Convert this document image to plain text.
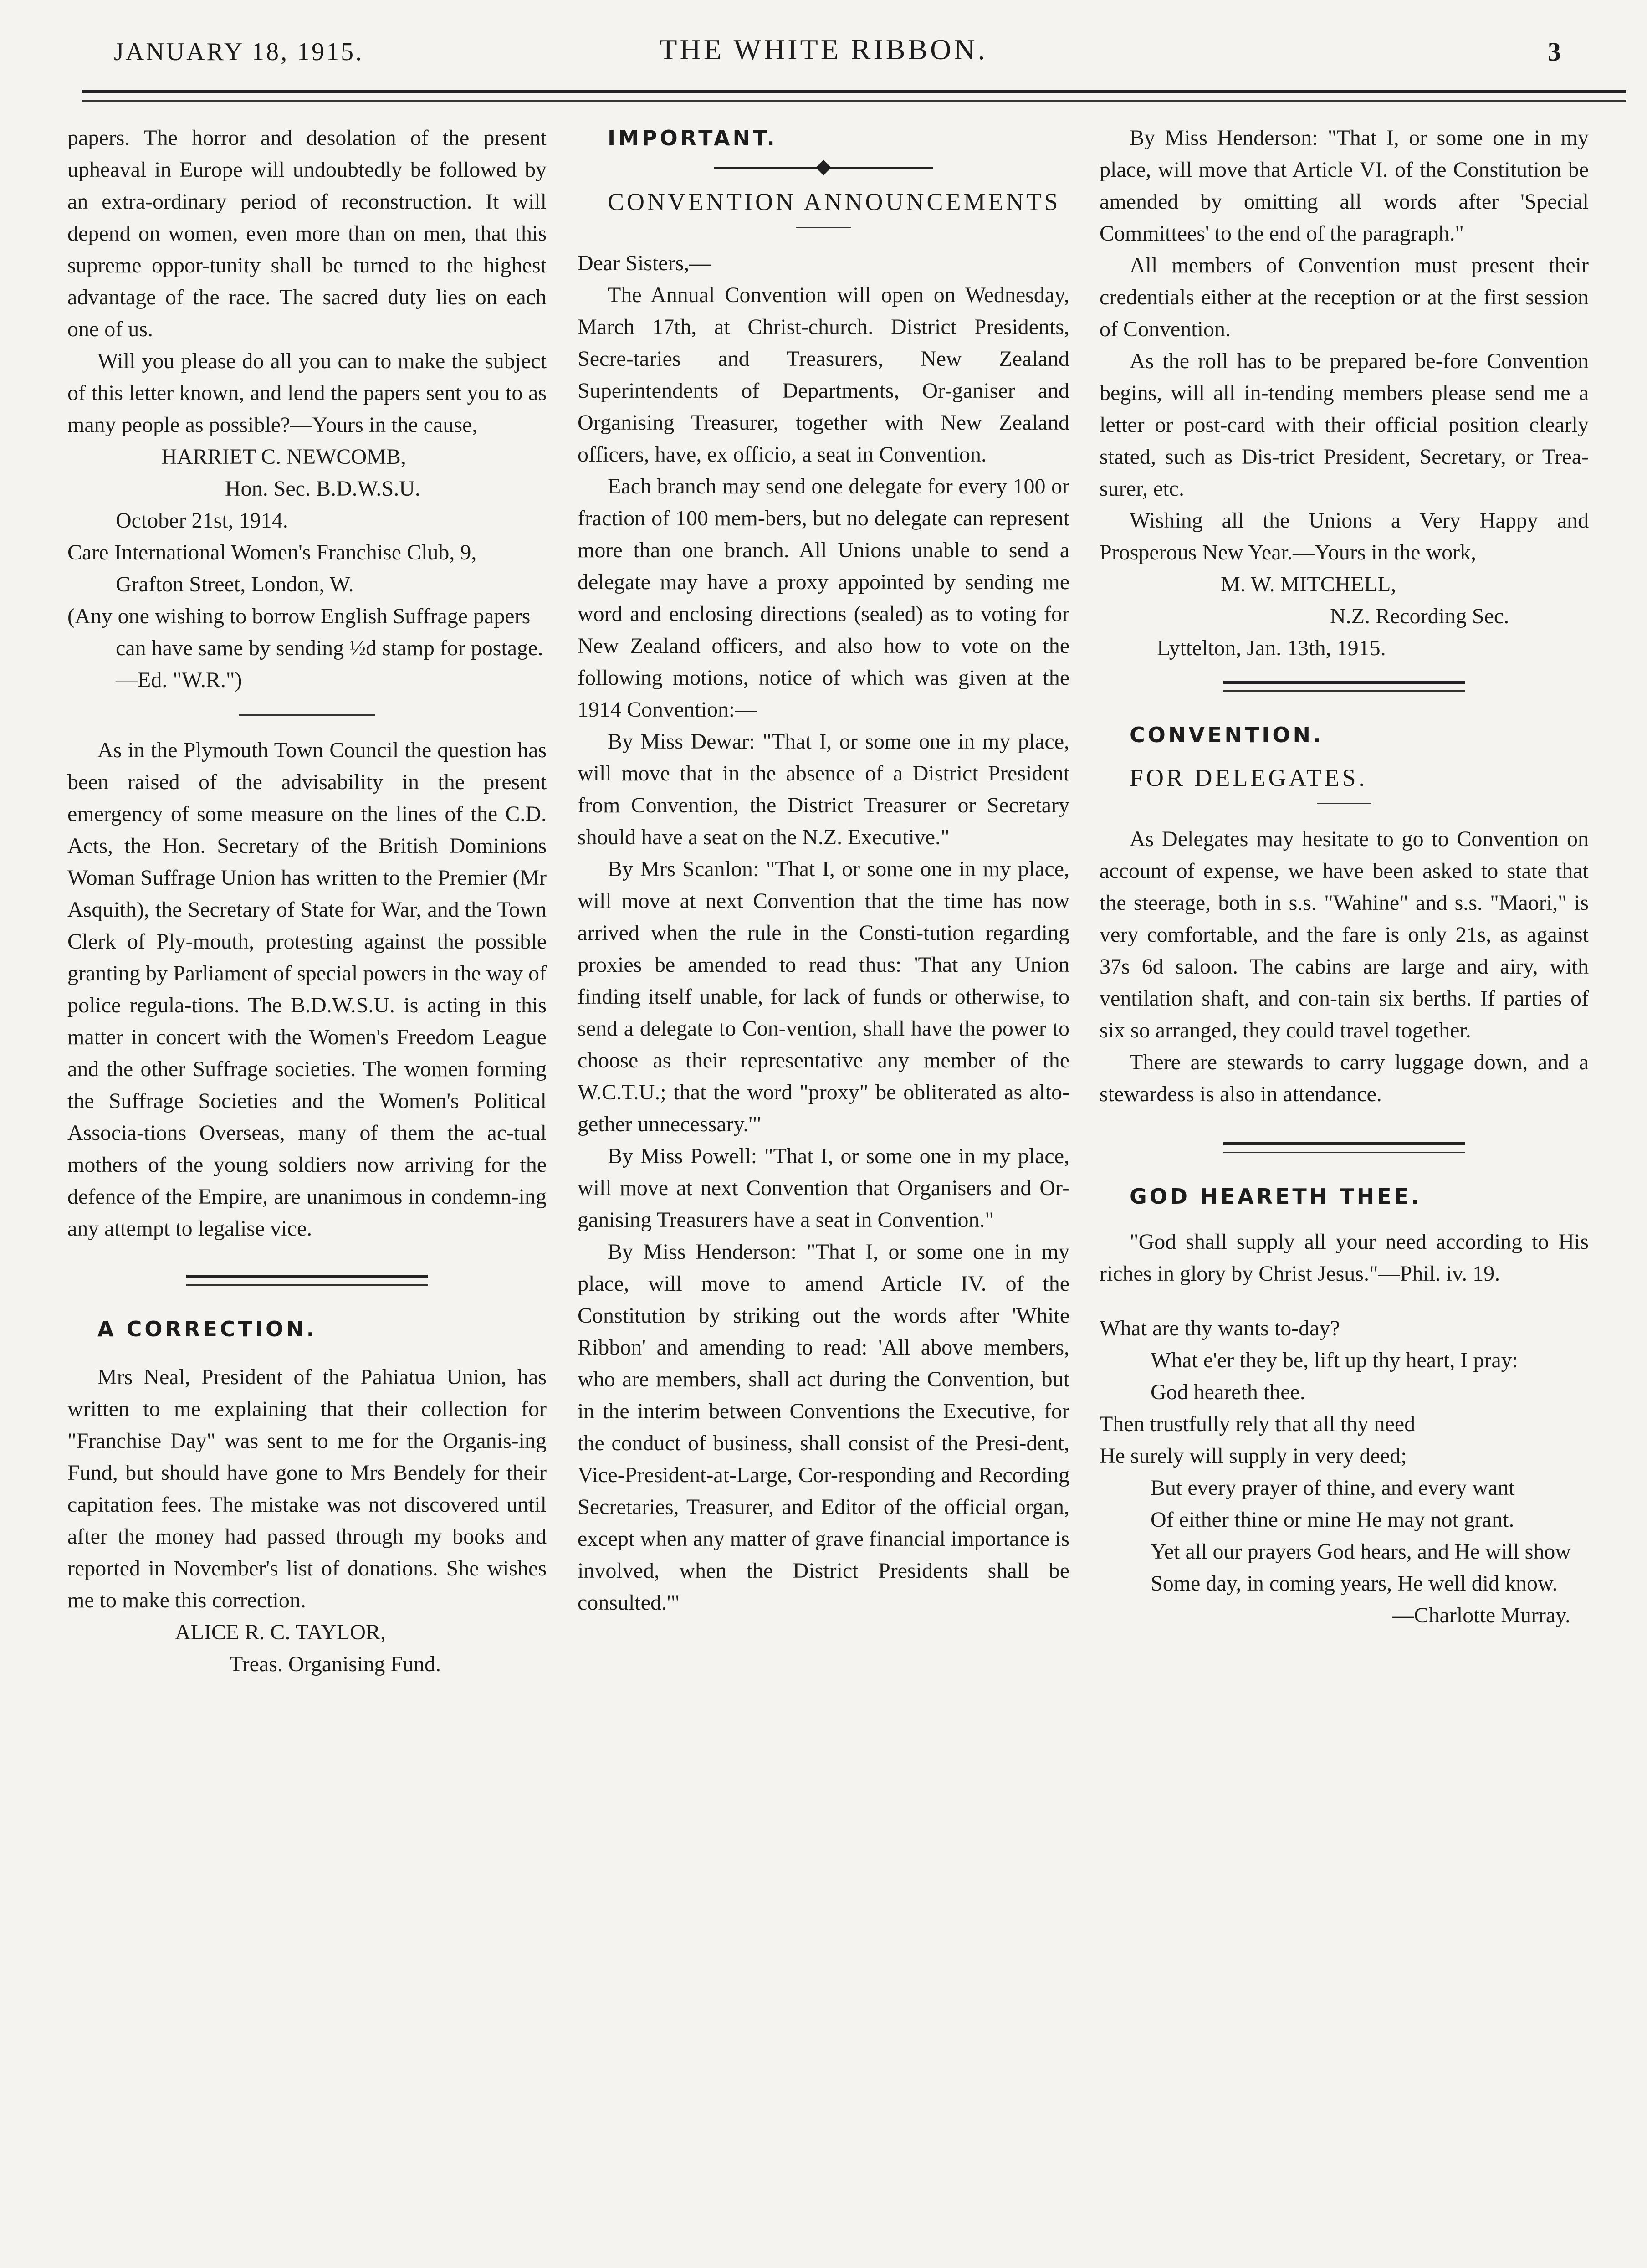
JANUARY 18, 1915.	THE WHITE RIBBON.	3

papers. The horror and desolation of the present upheaval in Europe will undoubtedly be followed by an extra-ordinary period of reconstruction. It will depend on women, even more than on men, that this supreme oppor-tunity shall be turned to the highest advantage of the race. The sacred duty lies on each one of us.

Will you please do all you can to make the subject of this letter known, and lend the papers sent you to as many people as possible?—Yours in the cause,

HARRIET C. NEWCOMB,

Hon. Sec. B.D.W.S.U.

October 21st, 1914.

Care International Women's Franchise Club, 9, Grafton Street, London, W.

(Any one wishing to borrow English Suffrage papers can have same by sending ½d stamp for postage.—Ed. "W.R.")

As in the Plymouth Town Council the question has been raised of the advisability in the present emergency of some measure on the lines of the C.D. Acts, the Hon. Secretary of the British Dominions Woman Suffrage Union has written to the Premier (Mr Asquith), the Secretary of State for War, and the Town Clerk of Ply-mouth, protesting against the possible granting by Parliament of special powers in the way of police regula-tions. The B.D.W.S.U. is acting in this matter in concert with the Women's Freedom League and the other Suffrage societies. The women forming the Suffrage Societies and the Women's Political Associa-tions Overseas, many of them the ac-tual mothers of the young soldiers now arriving for the defence of the Empire, are unanimous in condemn-ing any attempt to legalise vice.

A CORRECTION.

Mrs Neal, President of the Pahiatua Union, has written to me explaining that their collection for "Franchise Day" was sent to me for the Organis-ing Fund, but should have gone to Mrs Bendely for their capitation fees. The mistake was not discovered until after the money had passed through my books and reported in November's list of donations. She wishes me to make this correction.

ALICE R. C. TAYLOR,

Treas. Organising Fund.

IMPORTANT.

CONVENTION ANNOUNCEMENTS

Dear Sisters,—

The Annual Convention will open on Wednesday, March 17th, at Christ-church. District Presidents, Secre-taries and Treasurers, New Zealand Superintendents of Departments, Or-ganiser and Organising Treasurer, together with New Zealand officers, have, ex officio, a seat in Convention.

Each branch may send one delegate for every 100 or fraction of 100 mem-bers, but no delegate can represent more than one branch. All Unions unable to send a delegate may have a proxy appointed by sending me word and enclosing directions (sealed) as to voting for New Zealand officers, and also how to vote on the following motions, notice of which was given at the 1914 Convention:—

By Miss Dewar: "That I, or some one in my place, will move that in the absence of a District President from Convention, the District Treasurer or Secretary should have a seat on the N.Z. Executive."

By Mrs Scanlon: "That I, or some one in my place, will move at next Convention that the time has now arrived when the rule in the Consti-tution regarding proxies be amended to read thus: 'That any Union finding itself unable, for lack of funds or otherwise, to send a delegate to Con-vention, shall have the power to choose as their representative any member of the W.C.T.U.; that the word "proxy" be obliterated as alto-gether unnecessary.'"

By Miss Powell: "That I, or some one in my place, will move at next Convention that Organisers and Or-ganising Treasurers have a seat in Convention."

By Miss Henderson: "That I, or some one in my place, will move to amend Article IV. of the Constitution by striking out the words after 'White Ribbon' and amending to read: 'All above members, who are members, shall act during the Convention, but in the interim between Conventions the Executive, for the conduct of business, shall consist of the Presi-dent, Vice-President-at-Large, Cor-responding and Recording Secretaries, Treasurer, and Editor of the official organ, except when any matter of grave financial importance is involved, when the District Presidents shall be consulted.'"

By Miss Henderson: "That I, or some one in my place, will move that Article VI. of the Constitution be amended by omitting all words after 'Special Committees' to the end of the paragraph."

All members of Convention must present their credentials either at the reception or at the first session of Convention.

As the roll has to be prepared be-fore Convention begins, will all in-tending members please send me a letter or post-card with their official position clearly stated, such as Dis-trict President, Secretary, or Trea-surer, etc.

Wishing all the Unions a Very Happy and Prosperous New Year.—Yours in the work,

M. W. MITCHELL,

N.Z. Recording Sec.

Lyttelton, Jan. 13th, 1915.

CONVENTION.

FOR DELEGATES.

As Delegates may hesitate to go to Convention on account of expense, we have been asked to state that the steerage, both in s.s. "Wahine" and s.s. "Maori," is very comfortable, and the fare is only 21s, as against 37s 6d saloon. The cabins are large and airy, with ventilation shaft, and con-tain six berths. If parties of six so arranged, they could travel together.

There are stewards to carry luggage down, and a stewardess is also in attendance.

GOD HEARETH THEE.

"God shall supply all your need according to His riches in glory by Christ Jesus."—Phil. iv. 19.

What are thy wants to-day?

What e'er they be, lift up thy heart, I pray:

God heareth thee.

Then trustfully rely that all thy need

He surely will supply in very deed;

But every prayer of thine, and every want

Of either thine or mine He may not grant.

Yet all our prayers God hears, and He will show

Some day, in coming years, He well did know.

—Charlotte Murray.
